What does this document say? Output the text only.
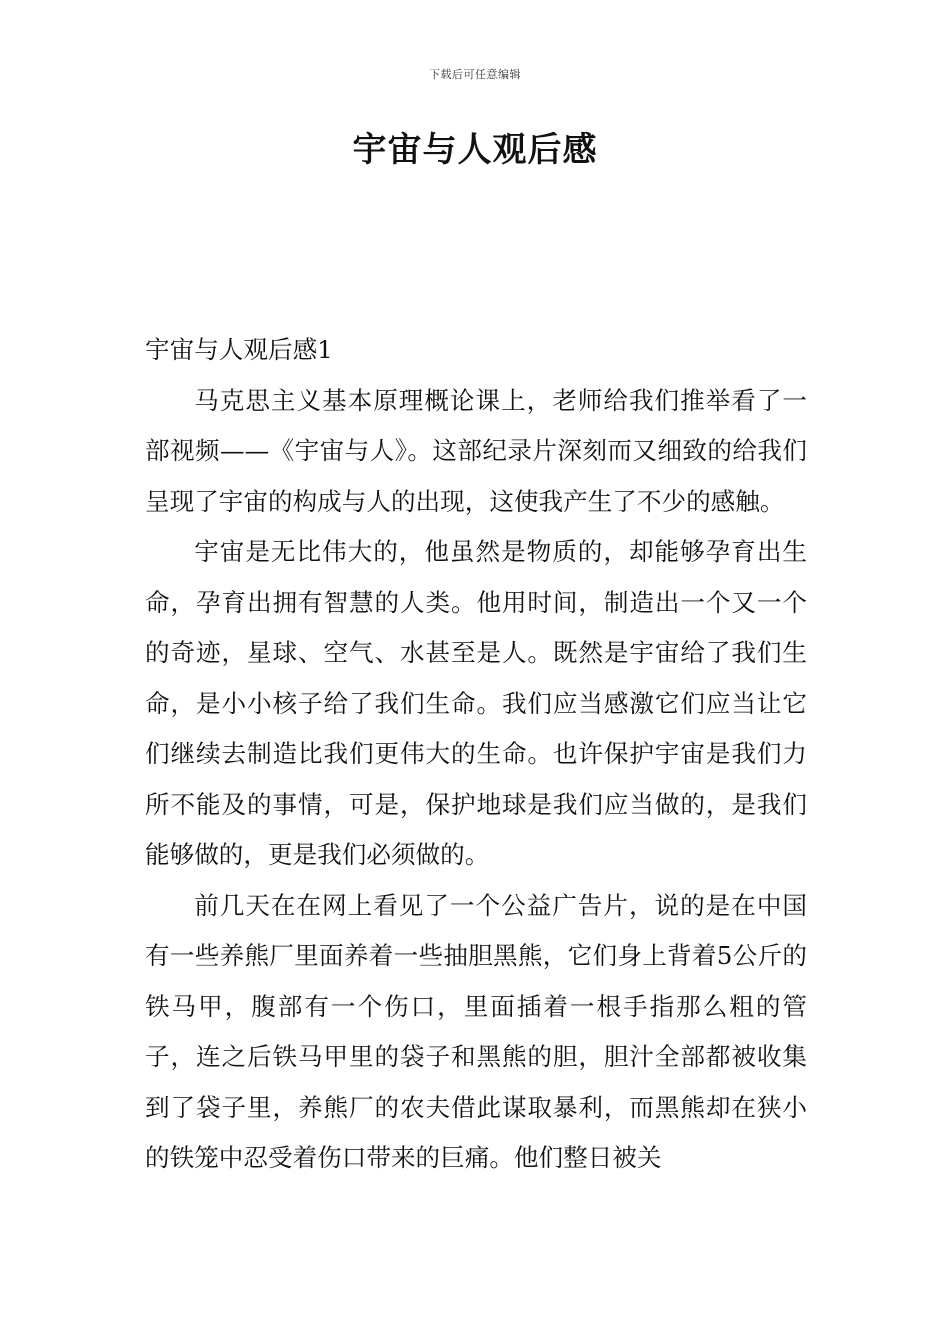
下载后可任意编辑
宇宙与人观后感

宇宙与人观后感1

马克思主义基本原理概论课上，老师给我们推举看了一部视频——《宇宙与人》。这部纪录片深刻而又细致的给我们呈现了宇宙的构成与人的出现，这使我产生了不少的感触。

宇宙是无比伟大的，他虽然是物质的，却能够孕育出生命，孕育出拥有智慧的人类。他用时间，制造出一个又一个的奇迹，星球、空气、水甚至是人。既然是宇宙给了我们生命，是小小核子给了我们生命。我们应当感激它们应当让它们继续去制造比我们更伟大的生命。也许保护宇宙是我们力所不能及的事情，可是，保护地球是我们应当做的，是我们能够做的，更是我们必须做的。

前几天在在网上看见了一个公益广告片，说的是在中国有一些养熊厂里面养着一些抽胆黑熊，它们身上背着5公斤的铁马甲，腹部有一个伤口，里面插着一根手指那么粗的管子，连之后铁马甲里的袋子和黑熊的胆，胆汁全部都被收集到了袋子里，养熊厂的农夫借此谋取暴利，而黑熊却在狭小的铁笼中忍受着伤口带来的巨痛。他们整日被关
